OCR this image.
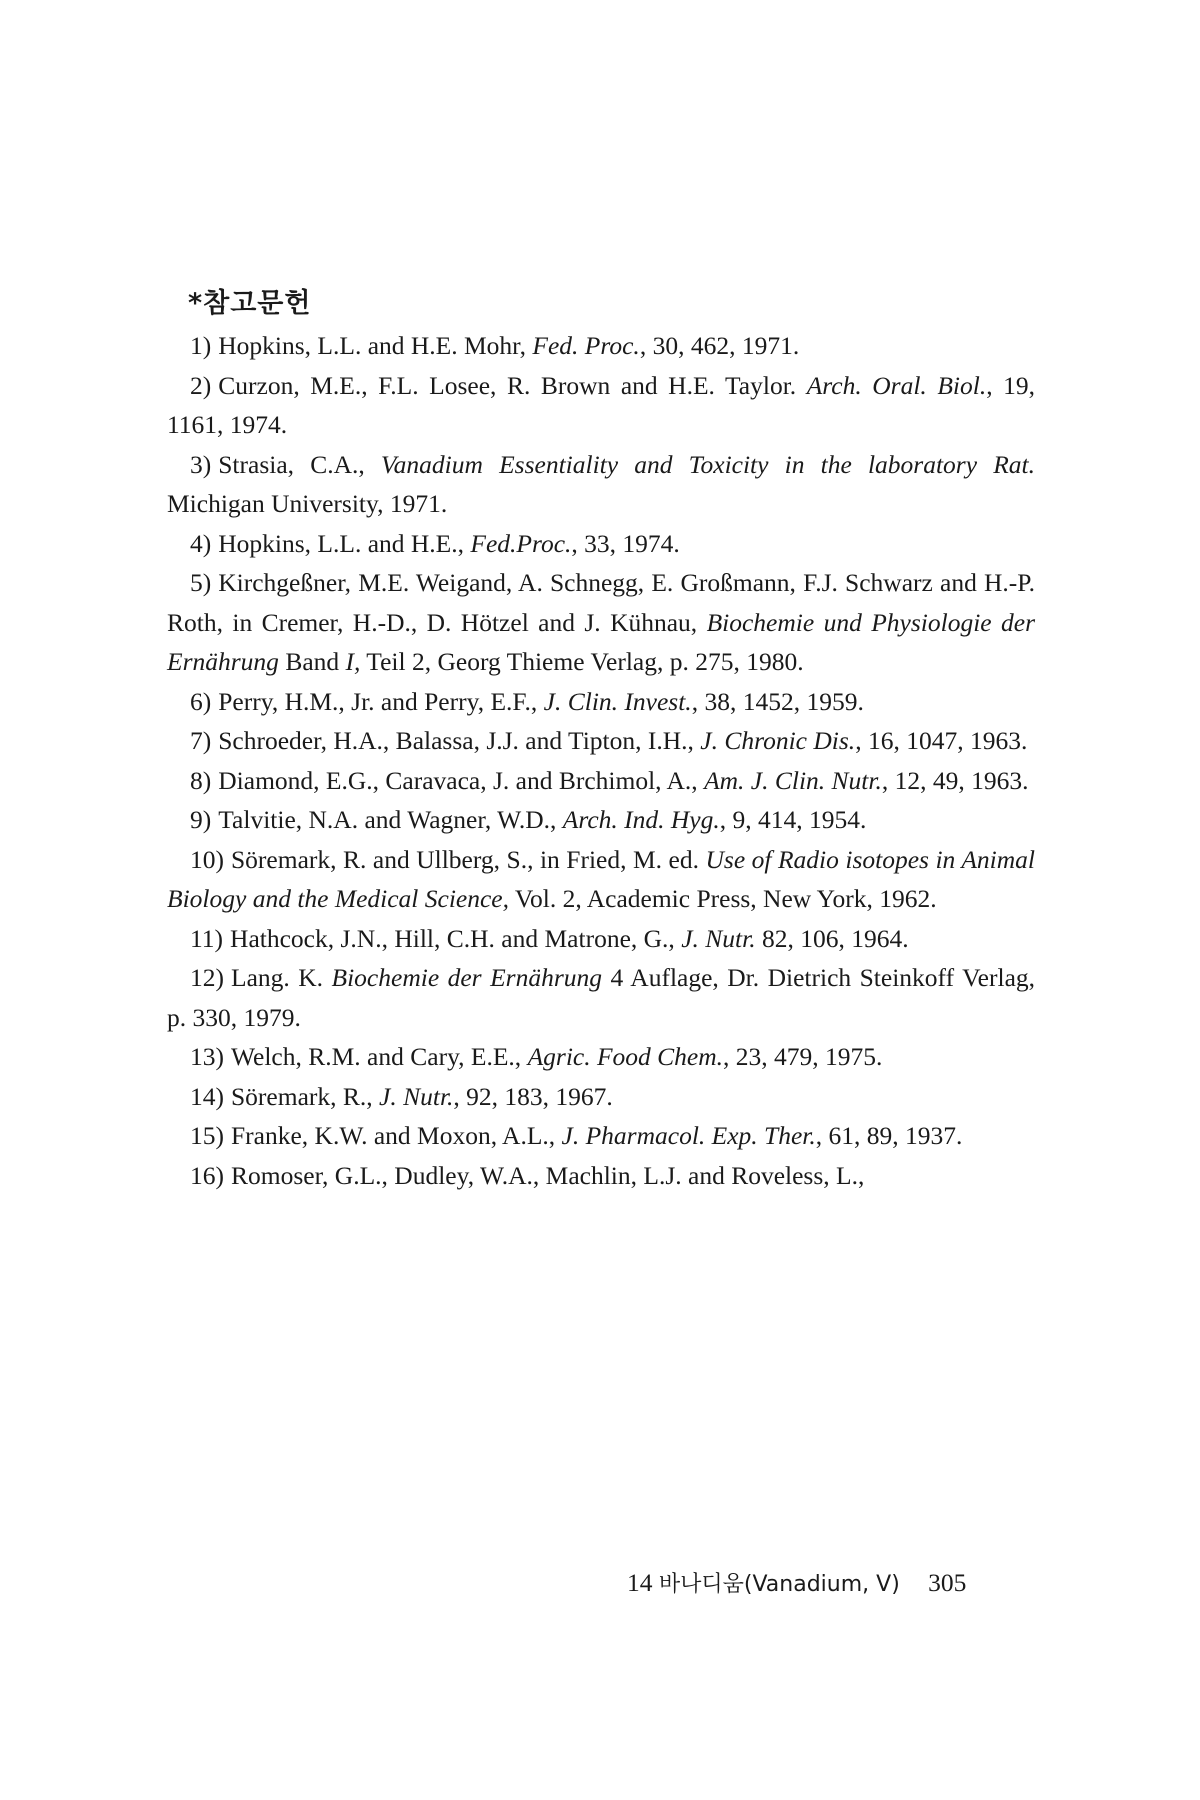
*참고문헌

1) Hopkins, L.L. and H.E. Mohr, Fed. Proc., 30, 462, 1971.

2) Curzon, M.E., F.L. Losee, R. Brown and H.E. Taylor. Arch. Oral. Biol., 19, 1161, 1974.

3) Strasia, C.A., Vanadium Essentiality and Toxicity in the laboratory Rat. Michigan University, 1971.

4) Hopkins, L.L. and H.E., Fed.Proc., 33, 1974.

5) Kirchgeßner, M.E. Weigand, A. Schnegg, E. Großmann, F.J. Schwarz and H.-P. Roth, in Cremer, H.-D., D. Hötzel and J. Kühnau, Biochemie und Physiologie der Ernährung Band I, Teil 2, Georg Thieme Verlag, p. 275, 1980.

6) Perry, H.M., Jr. and Perry, E.F., J. Clin. Invest., 38, 1452, 1959.

7) Schroeder, H.A., Balassa, J.J. and Tipton, I.H., J. Chronic Dis., 16, 1047, 1963.

8) Diamond, E.G., Caravaca, J. and Brchimol, A., Am. J. Clin. Nutr., 12, 49, 1963.

9) Talvitie, N.A. and Wagner, W.D., Arch. Ind. Hyg., 9, 414, 1954.

10) Söremark, R. and Ullberg, S., in Fried, M. ed. Use of Radio isotopes in Animal Biology and the Medical Science, Vol. 2, Academic Press, New York, 1962.

11) Hathcock, J.N., Hill, C.H. and Matrone, G., J. Nutr. 82, 106, 1964.

12) Lang. K. Biochemie der Ernährung 4 Auflage, Dr. Dietrich Steinkoff Verlag, p. 330, 1979.

13) Welch, R.M. and Cary, E.E., Agric. Food Chem., 23, 479, 1975.

14) Söremark, R., J. Nutr., 92, 183, 1967.

15) Franke, K.W. and Moxon, A.L., J. Pharmacol. Exp. Ther., 61, 89, 1937.

16) Romoser, G.L., Dudley, W.A., Machlin, L.J. and Roveless, L.,

14 바나디움(Vanadium, V) 305
